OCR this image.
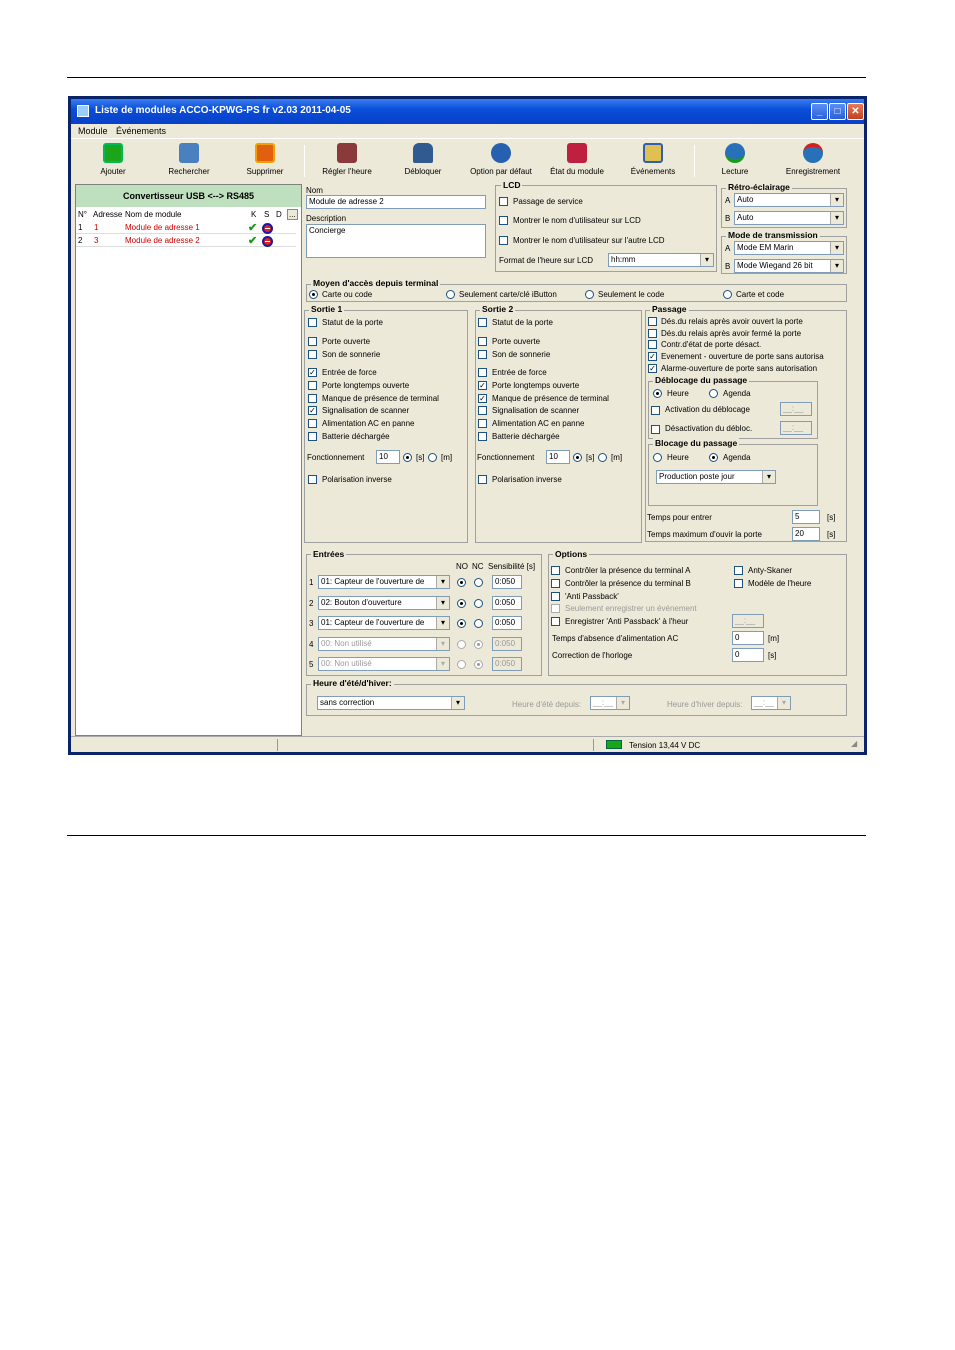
Liste de modules ACCO-KPWG-PS fr v2.03 2011-04-05	_	□	✕
Module Événements
Ajouter	Rechercher	Supprimer	Régler l'heure	Débloquer	Option par défaut	État du module	Événements	Lecture	Enregistrement
Convertisseur USB <--> RS485
N° Adresse Nom de module	K S D ...
1 1	Module de adresse 1	✔
2 3	Module de adresse 2	✔
Nom
Module de adresse 2
Description
Concierge
LCD
Passage de service
Montrer le nom d'utilisateur sur LCD
Montrer le nom d'utilisateur sur l'autre LCD
Format de l'heure sur LCD	hh:mm ▾
Rétro-éclairage
A Auto ▾
B Auto ▾
Mode de transmission
A Mode EM Marin ▾
B Mode Wiegand 26 bit ▾
Moyen d'accès depuis terminal
Carte ou code	Seulement carte/clé iButton	Seulement le code	Carte et code
Sortie 1
Statut de la porte
Porte ouverte
Son de sonnerie
✓ Entrée de force
Porte longtemps ouverte
Manque de présence de terminal
✓ Signalisation de scanner
Alimentation AC en panne
Batterie déchargée
Fonctionnement	10	[s] [m]
Polarisation inverse
Sortie 2
Statut de la porte
Porte ouverte
Son de sonnerie
Entrée de force
✓ Porte longtemps ouverte
✓ Manque de présence de terminal
Signalisation de scanner
Alimentation AC en panne
Batterie déchargée
Fonctionnement	10	[s] [m]
Polarisation inverse
Passage
Dés.du relais après avoir ouvert la porte
Dés.du relais après avoir fermé la porte
Contr.d'état de porte désact.
✓ Evenement - ouverture de porte sans autorisa
✓ Alarme-ouverture de porte sans autorisation
Déblocage du passage
Heure	Agenda
Activation du déblocage	__:__
Désactivation du débloc.	__:__
Blocage du passage
Heure	Agenda
Production poste jour ▾
Temps pour entrer	5	[s]
Temps maximum d'ouvir la porte	20	[s]
Entrées
NO NC Sensibilité [s]
1 01: Capteur de l'ouverture de ▾	0:050
2 02: Bouton d'ouverture ▾	0:050
3 01: Capteur de l'ouverture de ▾	0:050
4 00: Non utilisé ▾	0:050
5 00: Non utilisé ▾	0:050
Options
Contrôler la présence du terminal A
Contrôler la présence du terminal B
'Anti Passback'
Seulement enregistrer un événement
Enregistrer 'Anti Passback' à l'heur	__:__
Anty-Skaner
Modèle de l'heure
Temps d'absence d'alimentation AC	0	[m]
Correction de l'horloge	0	[s]
Heure d'été/d'hiver:
sans correction ▾	Heure d'été depuis:	__:__ ▾	Heure d'hiver depuis:	__:__ ▾
Tension 13,44 V DC	◢
